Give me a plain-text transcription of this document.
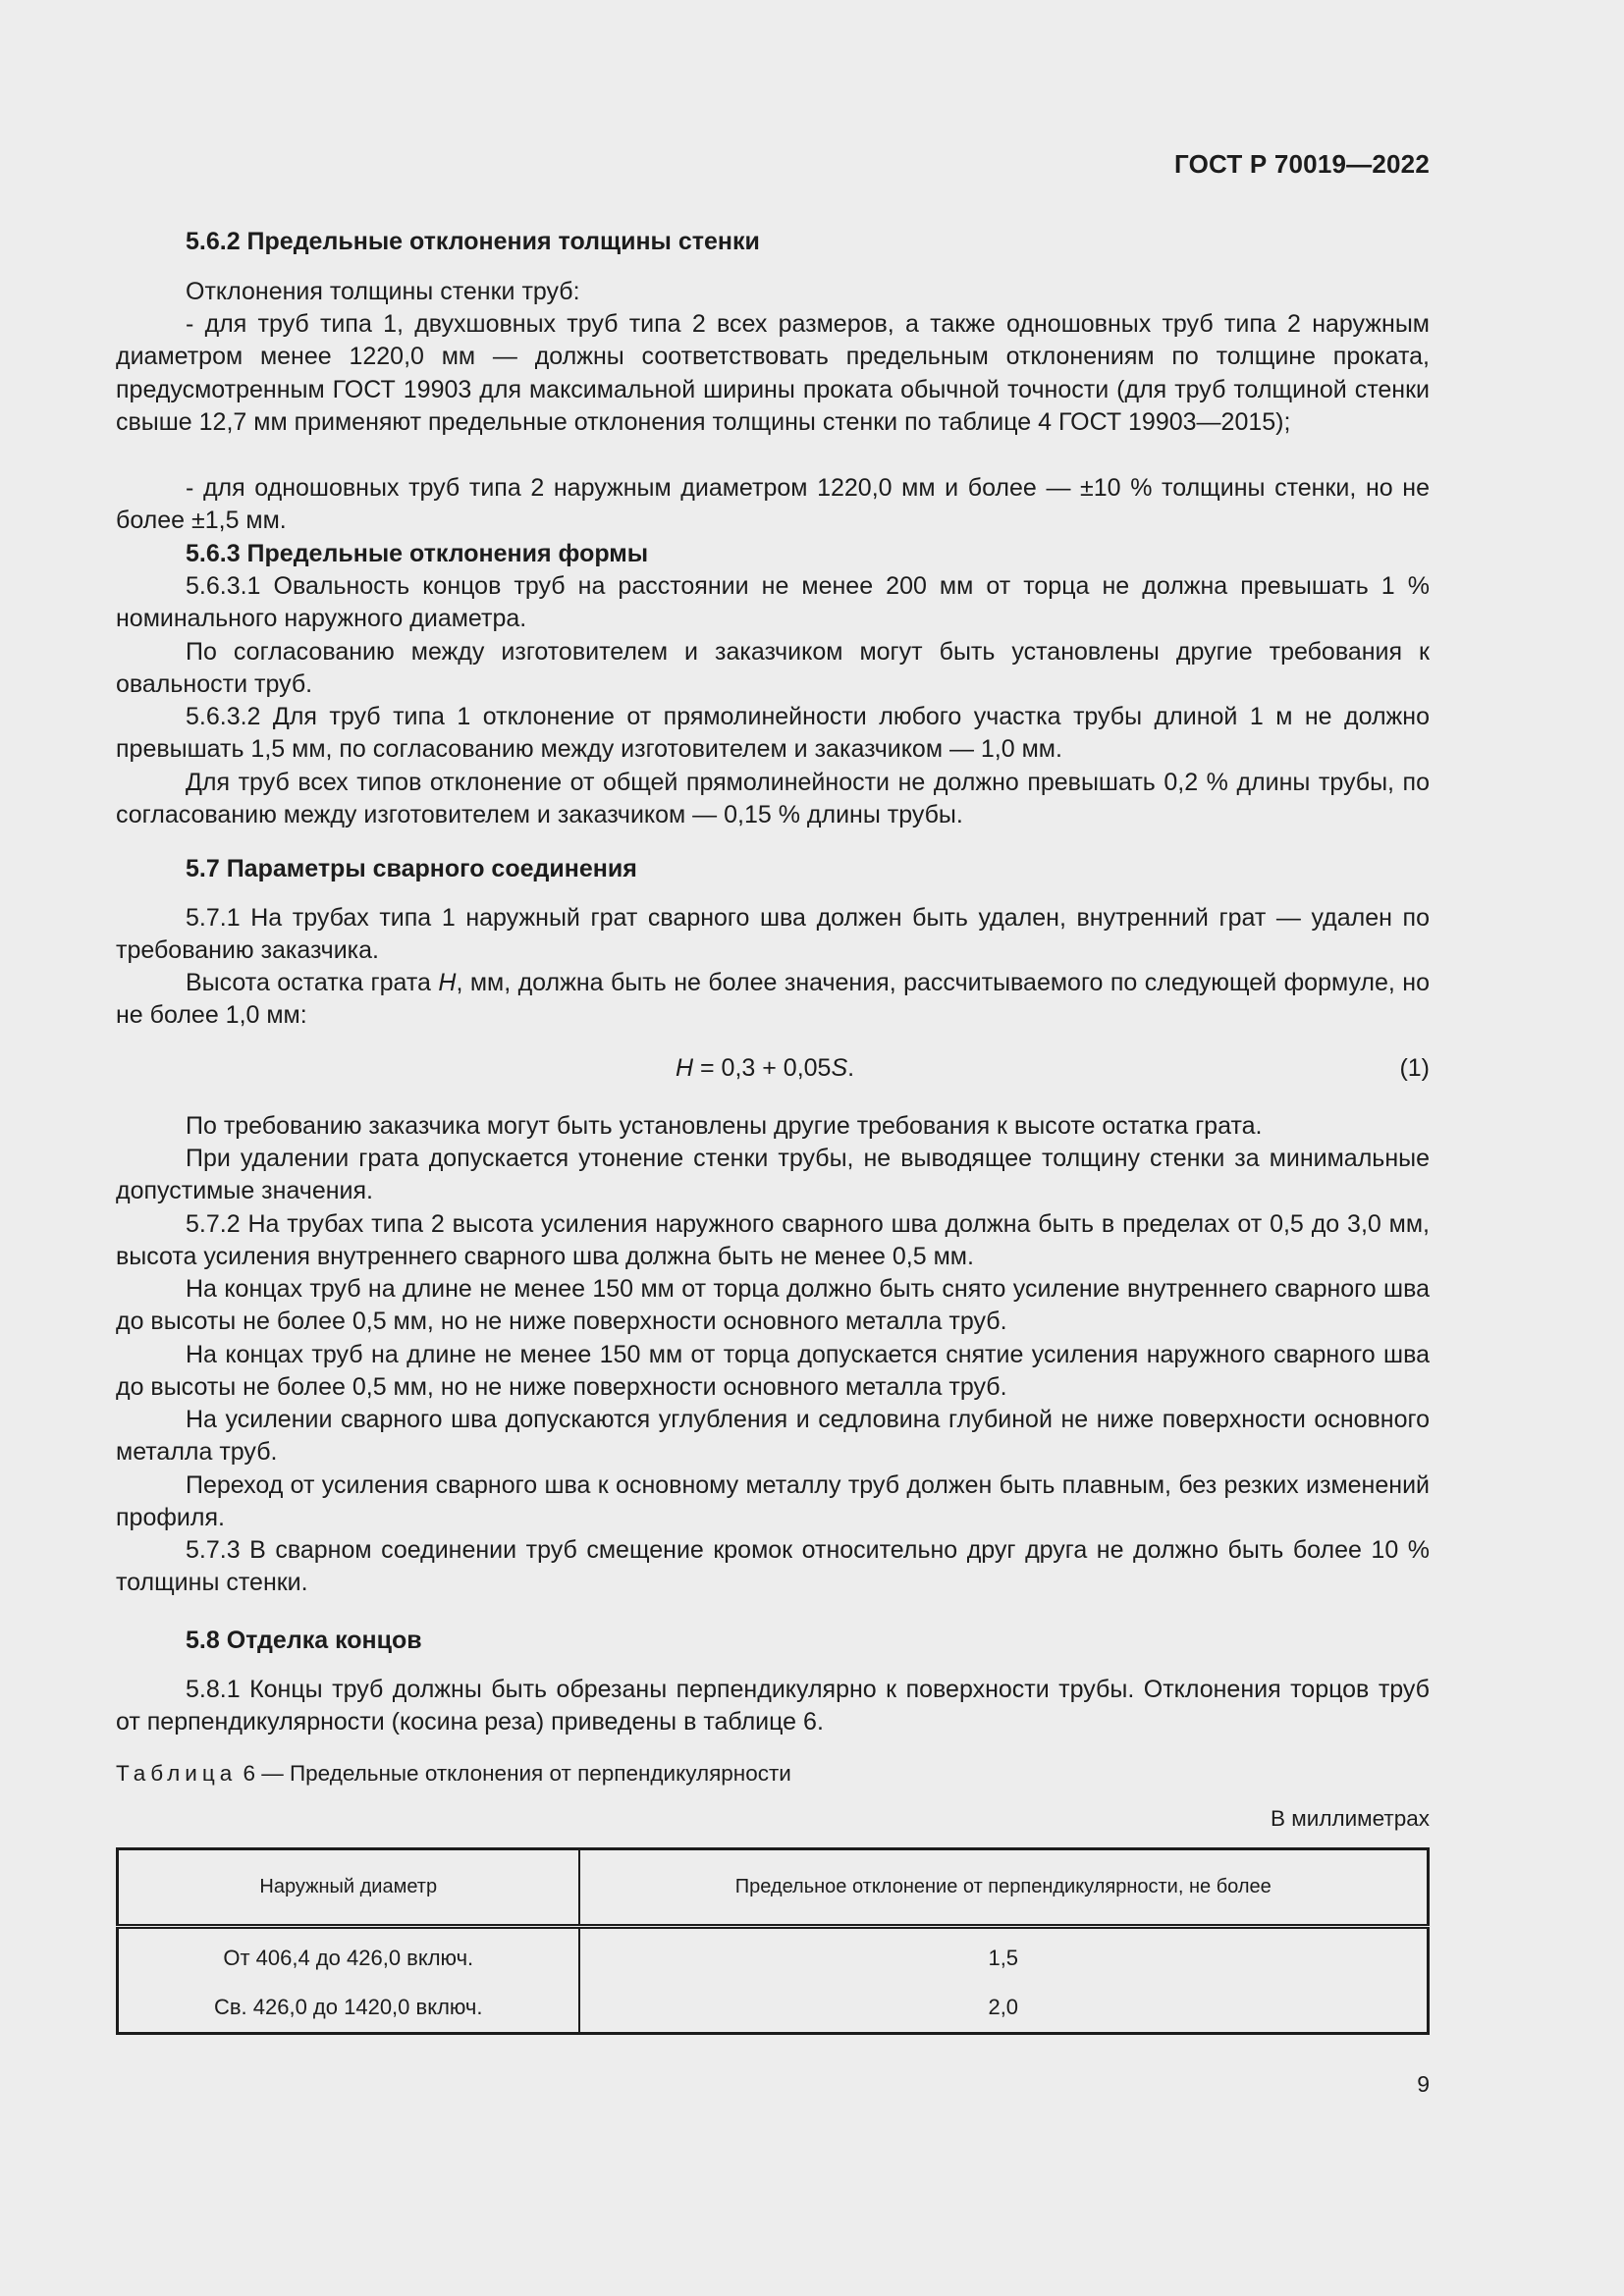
ГОСТ Р 70019—2022

5.6.2 Предельные отклонения толщины стенки

Отклонения толщины стенки труб:

- для труб типа 1, двухшовных труб типа 2 всех размеров, а также одношовных труб типа 2 наружным диаметром менее 1220,0 мм — должны соответствовать предельным отклонениям по толщине проката, предусмотренным ГОСТ 19903 для максимальной ширины проката обычной точности (для труб толщиной стенки свыше 12,7 мм применяют предельные отклонения толщины стенки по таблице 4 ГОСТ 19903—2015);

- для одношовных труб типа 2 наружным диаметром 1220,0 мм и более — ±10 % толщины стенки, но не более ±1,5 мм.

5.6.3 Предельные отклонения формы

5.6.3.1 Овальность концов труб на расстоянии не менее 200 мм от торца не должна превышать 1 % номинального наружного диаметра.

По согласованию между изготовителем и заказчиком могут быть установлены другие требования к овальности труб.

5.6.3.2 Для труб типа 1 отклонение от прямолинейности любого участка трубы длиной 1 м не должно превышать 1,5 мм, по согласованию между изготовителем и заказчиком — 1,0 мм.

Для труб всех типов отклонение от общей прямолинейности не должно превышать 0,2 % длины трубы, по согласованию между изготовителем и заказчиком — 0,15 % длины трубы.

5.7 Параметры сварного соединения

5.7.1 На трубах типа 1 наружный грат сварного шва должен быть удален, внутренний грат — удален по требованию заказчика.

Высота остатка грата H, мм, должна быть не более значения, рассчитываемого по следующей формуле, но не более 1,0 мм:

H = 0,3 + 0,05S.	(1)

По требованию заказчика могут быть установлены другие требования к высоте остатка грата.

При удалении грата допускается утонение стенки трубы, не выводящее толщину стенки за минимальные допустимые значения.

5.7.2 На трубах типа 2 высота усиления наружного сварного шва должна быть в пределах от 0,5 до 3,0 мм, высота усиления внутреннего сварного шва должна быть не менее 0,5 мм.

На концах труб на длине не менее 150 мм от торца должно быть снято усиление внутреннего сварного шва до высоты не более 0,5 мм, но не ниже поверхности основного металла труб.

На концах труб на длине не менее 150 мм от торца допускается снятие усиления наружного сварного шва до высоты не более 0,5 мм, но не ниже поверхности основного металла труб.

На усилении сварного шва допускаются углубления и седловина глубиной не ниже поверхности основного металла труб.

Переход от усиления сварного шва к основному металлу труб должен быть плавным, без резких изменений профиля.

5.7.3 В сварном соединении труб смещение кромок относительно друг друга не должно быть более 10 % толщины стенки.

5.8 Отделка концов

5.8.1 Концы труб должны быть обрезаны перпендикулярно к поверхности трубы. Отклонения торцов труб от перпендикулярности (косина реза) приведены в таблице 6.

Таблица 6 — Предельные отклонения от перпендикулярности
В миллиметрах
Наружный диаметр	Предельное отклонение от перпендикулярности, не более
От 406,4 до 426,0 включ.	1,5
Св. 426,0 до 1420,0 включ.	2,0
9
